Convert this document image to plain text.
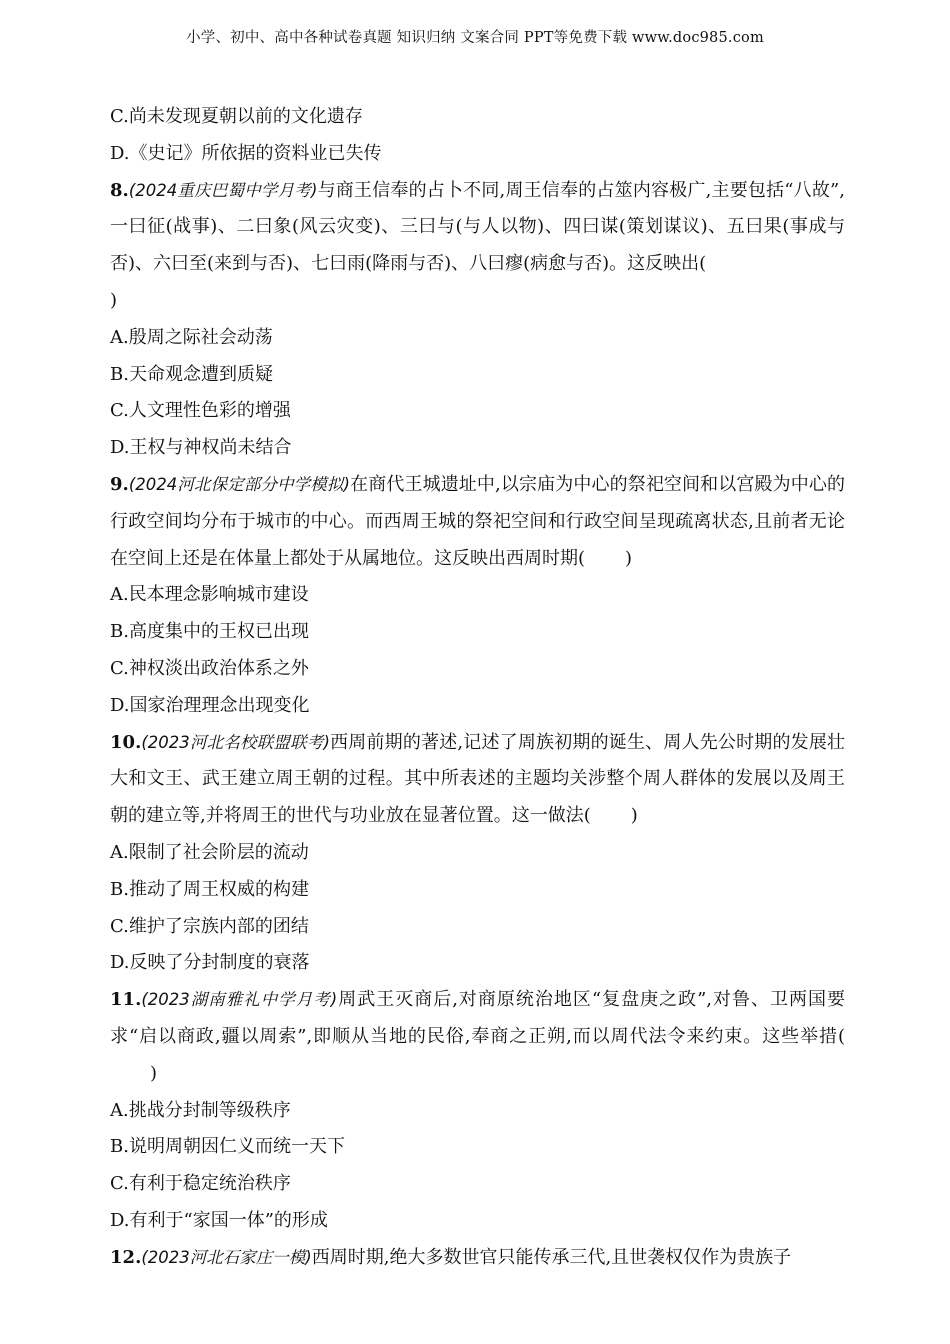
小学、初中、高中各种试卷真题 知识归纳 文案合同 PPT等免费下载 www.doc985.com
C.尚未发现夏朝以前的文化遗存
D.《史记》所依据的资料业已失传
8.(2024重庆巴蜀中学月考)与商王信奉的占卜不同,周王信奉的占筮内容极广,主要包括“八故”,一曰征(战事)、二曰象(风云灾变)、三曰与(与人以物)、四曰谋(策划谋议)、五曰果(事成与否)、六曰至(来到与否)、七曰雨(降雨与否)、八曰瘳(病愈与否)。这反映出(
)
A.殷周之际社会动荡
B.天命观念遭到质疑
C.人文理性色彩的增强
D.王权与神权尚未结合
9.(2024河北保定部分中学模拟)在商代王城遗址中,以宗庙为中心的祭祀空间和以宫殿为中心的行政空间均分布于城市的中心。而西周王城的祭祀空间和行政空间呈现疏离状态,且前者无论在空间上还是在体量上都处于从属地位。这反映出西周时期( )
A.民本理念影响城市建设
B.高度集中的王权已出现
C.神权淡出政治体系之外
D.国家治理理念出现变化
10.(2023河北名校联盟联考)西周前期的著述,记述了周族初期的诞生、周人先公时期的发展壮大和文王、武王建立周王朝的过程。其中所表述的主题均关涉整个周人群体的发展以及周王朝的建立等,并将周王的世代与功业放在显著位置。这一做法( )
A.限制了社会阶层的流动
B.推动了周王权威的构建
C.维护了宗族内部的团结
D.反映了分封制度的衰落
11.(2023湖南雅礼中学月考)周武王灭商后,对商原统治地区“复盘庚之政”,对鲁、卫两国要求“启以商政,疆以周索”,即顺从当地的民俗,奉商之正朔,而以周代法令来约束。这些举措()
A.挑战分封制等级秩序
B.说明周朝因仁义而统一天下
C.有利于稳定统治秩序
D.有利于“家国一体”的形成
12.(2023河北石家庄一模)西周时期,绝大多数世官只能传承三代,且世袭权仅作为贵族子
